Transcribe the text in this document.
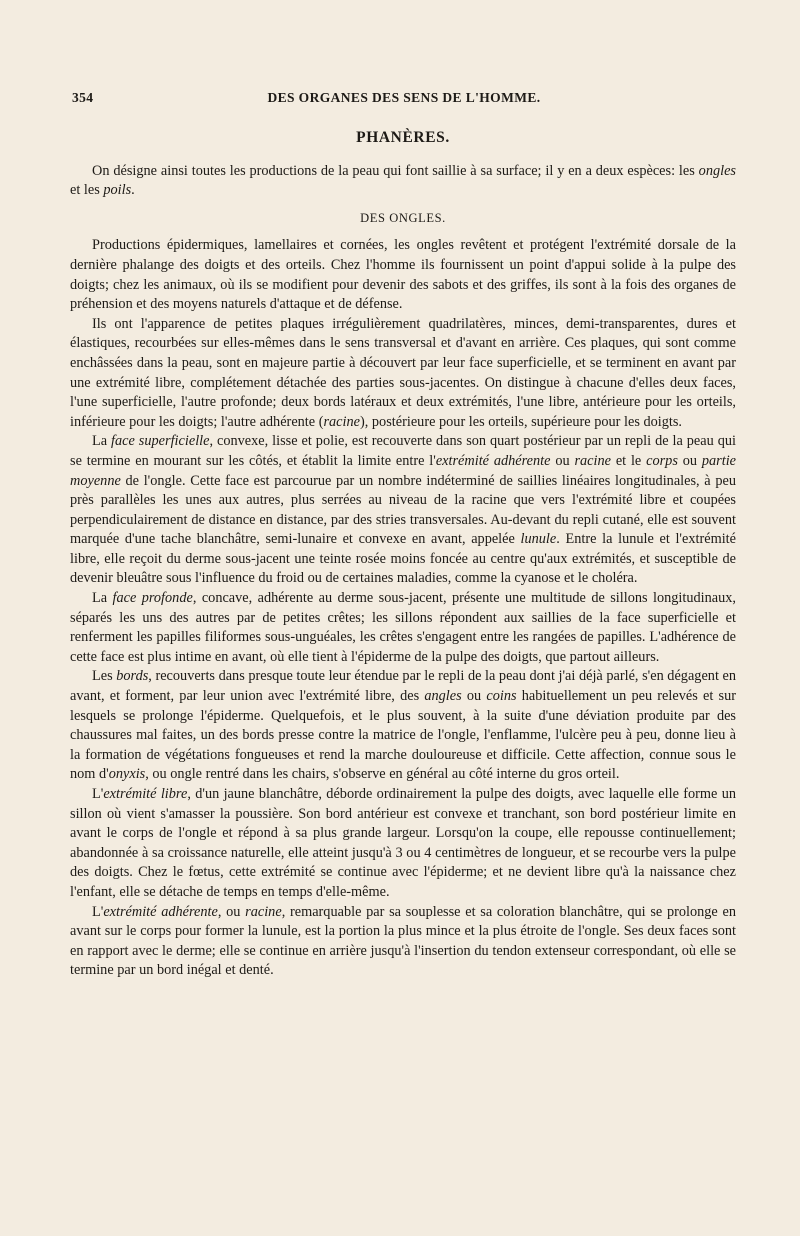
354	DES ORGANES DES SENS DE L'HOMME.
PHANÈRES.

On désigne ainsi toutes les productions de la peau qui font saillie à sa surface; il y en a deux espèces: les ongles et les poils.

DES ONGLES.

Productions épidermiques, lamellaires et cornées, les ongles revêtent et protégent l'extrémité dorsale de la dernière phalange des doigts et des orteils. Chez l'homme ils fournissent un point d'appui solide à la pulpe des doigts; chez les animaux, où ils se modifient pour devenir des sabots et des griffes, ils sont à la fois des organes de préhension et des moyens naturels d'attaque et de défense.

Ils ont l'apparence de petites plaques irrégulièrement quadrilatères, minces, demi-transparentes, dures et élastiques, recourbées sur elles-mêmes dans le sens transversal et d'avant en arrière. Ces plaques, qui sont comme enchâssées dans la peau, sont en majeure partie à découvert par leur face superficielle, et se terminent en avant par une extrémité libre, complétement détachée des parties sous-jacentes. On distingue à chacune d'elles deux faces, l'une superficielle, l'autre profonde; deux bords latéraux et deux extrémités, l'une libre, antérieure pour les orteils, inférieure pour les doigts; l'autre adhérente (racine), postérieure pour les orteils, supérieure pour les doigts.

La face superficielle, convexe, lisse et polie, est recouverte dans son quart postérieur par un repli de la peau qui se termine en mourant sur les côtés, et établit la limite entre l'extrémité adhérente ou racine et le corps ou partie moyenne de l'ongle. Cette face est parcourue par un nombre indéterminé de saillies linéaires longitudinales, à peu près parallèles les unes aux autres, plus serrées au niveau de la racine que vers l'extrémité libre et coupées perpendiculairement de distance en distance, par des stries transversales. Au-devant du repli cutané, elle est souvent marquée d'une tache blanchâtre, semi-lunaire et convexe en avant, appelée lunule. Entre la lunule et l'extrémité libre, elle reçoit du derme sous-jacent une teinte rosée moins foncée au centre qu'aux extrémités, et susceptible de devenir bleuâtre sous l'influence du froid ou de certaines maladies, comme la cyanose et le choléra.

La face profonde, concave, adhérente au derme sous-jacent, présente une multitude de sillons longitudinaux, séparés les uns des autres par de petites crêtes; les sillons répondent aux saillies de la face superficielle et renferment les papilles filiformes sous-unguéales, les crêtes s'engagent entre les rangées de papilles. L'adhérence de cette face est plus intime en avant, où elle tient à l'épiderme de la pulpe des doigts, que partout ailleurs.

Les bords, recouverts dans presque toute leur étendue par le repli de la peau dont j'ai déjà parlé, s'en dégagent en avant, et forment, par leur union avec l'extrémité libre, des angles ou coins habituellement un peu relevés et sur lesquels se prolonge l'épiderme. Quelquefois, et le plus souvent, à la suite d'une déviation produite par des chaussures mal faites, un des bords presse contre la matrice de l'ongle, l'enflamme, l'ulcère peu à peu, donne lieu à la formation de végétations fongueuses et rend la marche douloureuse et difficile. Cette affection, connue sous le nom d'onyxis, ou ongle rentré dans les chairs, s'observe en général au côté interne du gros orteil.

L'extrémité libre, d'un jaune blanchâtre, déborde ordinairement la pulpe des doigts, avec laquelle elle forme un sillon où vient s'amasser la poussière. Son bord antérieur est convexe et tranchant, son bord postérieur limite en avant le corps de l'ongle et répond à sa plus grande largeur. Lorsqu'on la coupe, elle repousse continuellement; abandonnée à sa croissance naturelle, elle atteint jusqu'à 3 ou 4 centimètres de longueur, et se recourbe vers la pulpe des doigts. Chez le fœtus, cette extrémité se continue avec l'épiderme; et ne devient libre qu'à la naissance chez l'enfant, elle se détache de temps en temps d'elle-même.

L'extrémité adhérente, ou racine, remarquable par sa souplesse et sa coloration blanchâtre, qui se prolonge en avant sur le corps pour former la lunule, est la portion la plus mince et la plus étroite de l'ongle. Ses deux faces sont en rapport avec le derme; elle se continue en arrière jusqu'à l'insertion du tendon extenseur correspondant, où elle se termine par un bord inégal et denté.
